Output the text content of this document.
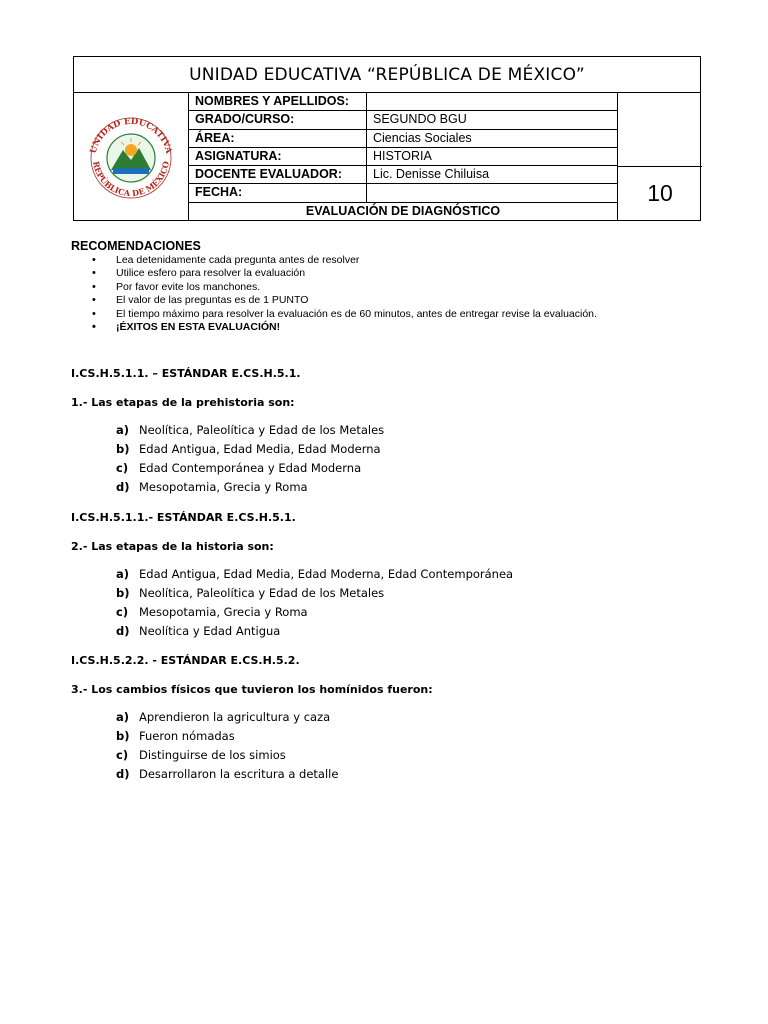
UNIDAD EDUCATIVA “REPÚBLICA DE MÉXICO”
UNIDAD EDUCATIVA
REPÚBLICA DE MÉXICO
NOMBRES Y APELLIDOS:
GRADO/CURSO:	SEGUNDO BGU
ÁREA:	Ciencias Sociales
ASIGNATURA:	HISTORIA
DOCENTE EVALUADOR:	Lic. Denisse Chiluisa
FECHA:
EVALUACIÓN DE DIAGNÓSTICO
10
RECOMENDACIONES
• Lea detenidamente cada pregunta antes de resolver
• Utilice esfero para resolver la evaluación
• Por favor evite los manchones.
• El valor de las preguntas es de 1 PUNTO
• El tiempo máximo para resolver la evaluación es de 60 minutos, antes de entregar revise la evaluación.
• ¡ÉXITOS EN ESTA EVALUACIÓN!
I.CS.H.5.1.1. – ESTÁNDAR E.CS.H.5.1.
1.- Las etapas de la prehistoria son:
a) Neolítica, Paleolítica y Edad de los Metales
b) Edad Antigua, Edad Media, Edad Moderna
c) Edad Contemporánea y Edad Moderna
d) Mesopotamia, Grecia y Roma
I.CS.H.5.1.1.- ESTÁNDAR E.CS.H.5.1.
2.- Las etapas de la historia son:
a) Edad Antigua, Edad Media, Edad Moderna, Edad Contemporánea
b) Neolítica, Paleolítica y Edad de los Metales
c) Mesopotamia, Grecia y Roma
d) Neolítica y Edad Antigua
I.CS.H.5.2.2. - ESTÁNDAR E.CS.H.5.2.
3.- Los cambios físicos que tuvieron los homínidos fueron:
a) Aprendieron la agricultura y caza
b) Fueron nómadas
c) Distinguirse de los simios
d) Desarrollaron la escritura a detalle
